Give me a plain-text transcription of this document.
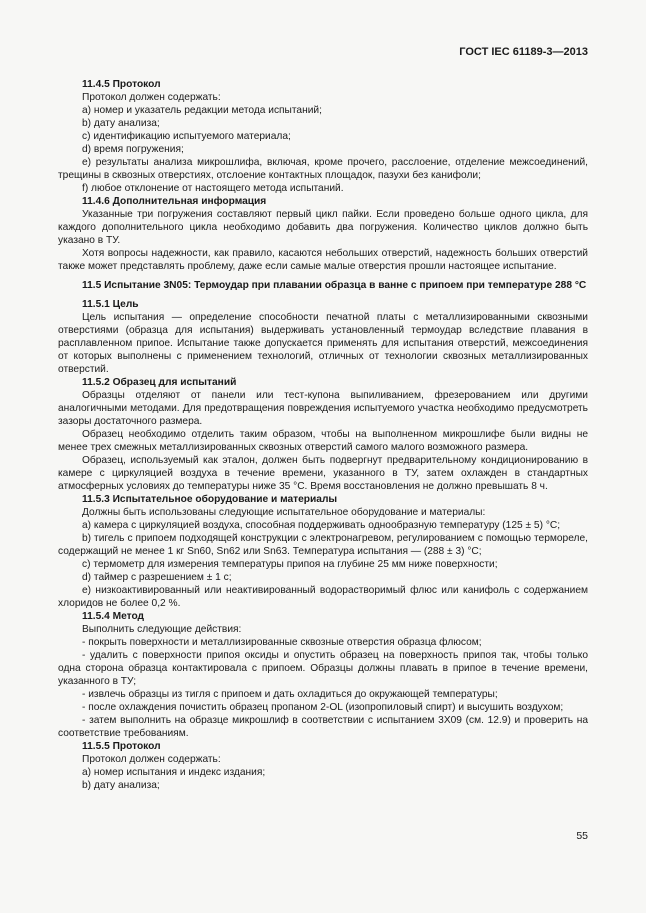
ГОСТ IEC 61189-3—2013

11.4.5 Протокол

Протокол должен содержать:

a) номер и указатель редакции метода испытаний;

b) дату анализа;

c) идентификацию испытуемого материала;

d) время погружения;

e) результаты анализа микрошлифа, включая, кроме прочего, расслоение, отделение межсоединений, трещины в сквозных отверстиях, отслоение контактных площадок, пазухи без канифоли;

f) любое отклонение от настоящего метода испытаний.

11.4.6 Дополнительная информация

Указанные три погружения составляют первый цикл пайки. Если проведено больше одного цикла, для каждого дополнительного цикла необходимо добавить два погружения. Количество циклов должно быть указано в ТУ.

Хотя вопросы надежности, как правило, касаются небольших отверстий, надежность больших отверстий также может представлять проблему, даже если самые малые отверстия прошли настоящее испытание.

11.5 Испытание 3N05: Термоудар при плавании образца в ванне с припоем при температуре 288 °C

11.5.1 Цель

Цель испытания — определение способности печатной платы с металлизированными сквозными отверстиями (образца для испытания) выдерживать установленный термоудар вследствие плавания в расплавленном припое. Испытание также допускается применять для испытания отверстий, межсоединения от которых выполнены с применением технологий, отличных от технологии сквозных металлизированных отверстий.

11.5.2 Образец для испытаний

Образцы отделяют от панели или тест-купона выпиливанием, фрезерованием или другими аналогичными методами. Для предотвращения повреждения испытуемого участка необходимо предусмотреть зазоры достаточного размера.

Образец необходимо отделить таким образом, чтобы на выполненном микрошлифе были видны не менее трех смежных металлизированных сквозных отверстий самого малого возможного размера.

Образец, используемый как эталон, должен быть подвергнут предварительному кондиционированию в камере с циркуляцией воздуха в течение времени, указанного в ТУ, затем охлажден в стандартных атмосферных условиях до температуры ниже 35 °C. Время восстановления не должно превышать 8 ч.

11.5.3 Испытательное оборудование и материалы

Должны быть использованы следующие испытательное оборудование и материалы:

a) камера с циркуляцией воздуха, способная поддерживать однообразную температуру (125 ± 5) °C;

b) тигель с припоем подходящей конструкции с электронагревом, регулированием с помощью термореле, содержащий не менее 1 кг Sn60, Sn62 или Sn63. Температура испытания — (288 ± 3) °C;

c) термометр для измерения температуры припоя на глубине 25 мм ниже поверхности;

d) таймер с разрешением ± 1 с;

e) низкоактивированный или неактивированный водорастворимый флюс или канифоль с содержанием хлоридов не более 0,2 %.

11.5.4 Метод

Выполнить следующие действия:

- покрыть поверхности и металлизированные сквозные отверстия образца флюсом;

- удалить с поверхности припоя оксиды и опустить образец на поверхность припоя так, чтобы только одна сторона образца контактировала с припоем. Образцы должны плавать в припое в течение времени, указанного в ТУ;

- извлечь образцы из тигля с припоем и дать охладиться до окружающей температуры;

- после охлаждения почистить образец пропаном 2-OL (изопропиловый спирт) и высушить воздухом;

- затем выполнить на образце микрошлиф в соответствии с испытанием 3X09 (см. 12.9) и проверить на соответствие требованиям.

11.5.5 Протокол

Протокол должен содержать:

a) номер испытания и индекс издания;

b) дату анализа;

55
